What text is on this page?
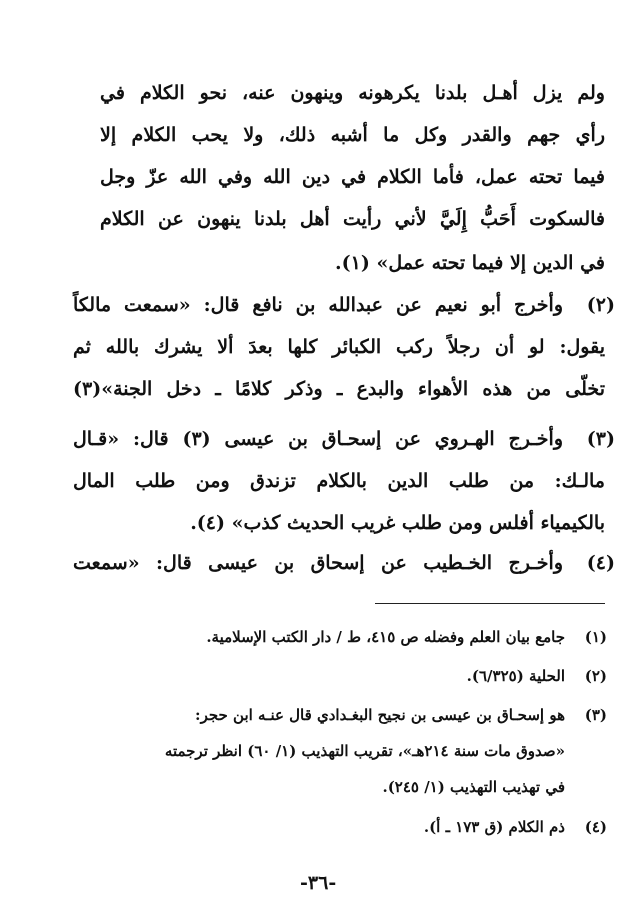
ولم يزل أهـل بلدنا يكرهونه وينهون عنه، نحو الكلام في
رأي جهم والقدر وكل ما أشبه ذلك، ولا يحب الكلام إلا
فيما تحته عمل، فأما الكلام في دين الله وفي الله عزّ وجل
فالسكوت أَحَبُّ إِلَيَّ لأني رأيت أهل بلدنا ينهون عن الكلام
في الدين إلا فيما تحته عمل» (١).
(٢)
وأخرج أبو نعيم عن عبدالله بن نافع قال: «سمعت مالكاً
يقول: لو أن رجلاً ركب الكبائر كلها بعدَ ألا يشرك بالله ثم
تخلّى من هذه الأهواء والبدع ـ وذكر كلامًا ـ دخل الجنة»(٣)
(٣)
وأخـرج الهـروي عن إسحـاق بن عيسى (٣) قال: «قـال
مالـك: من طلب الدين بالكلام تزندق ومن طلب المال
بالكيمياء أفلس ومن طلب غريب الحديث كذب» (٤).
(٤)
وأخـرج الخـطيب عن إسحاق بن عيسى قال: «سمعت
(١)
جامع بيان العلم وفضله ص ٤١٥، ط / دار الكتب الإسلامية.
(٢)
الحلية (٦/٣٢٥).
(٣)
هو إسحـاق بن عيسى بن نجيح البغـدادي قال عنـه ابن حجر:
«صدوق مات سنة ٢١٤هـ»، تقريب التهذيب (١/ ٦٠) انظر ترجمته
في تهذيب التهذيب (١/ ٢٤٥).
(٤)
ذم الكلام (ق ١٧٣ ـ أ).
-٣٦-
